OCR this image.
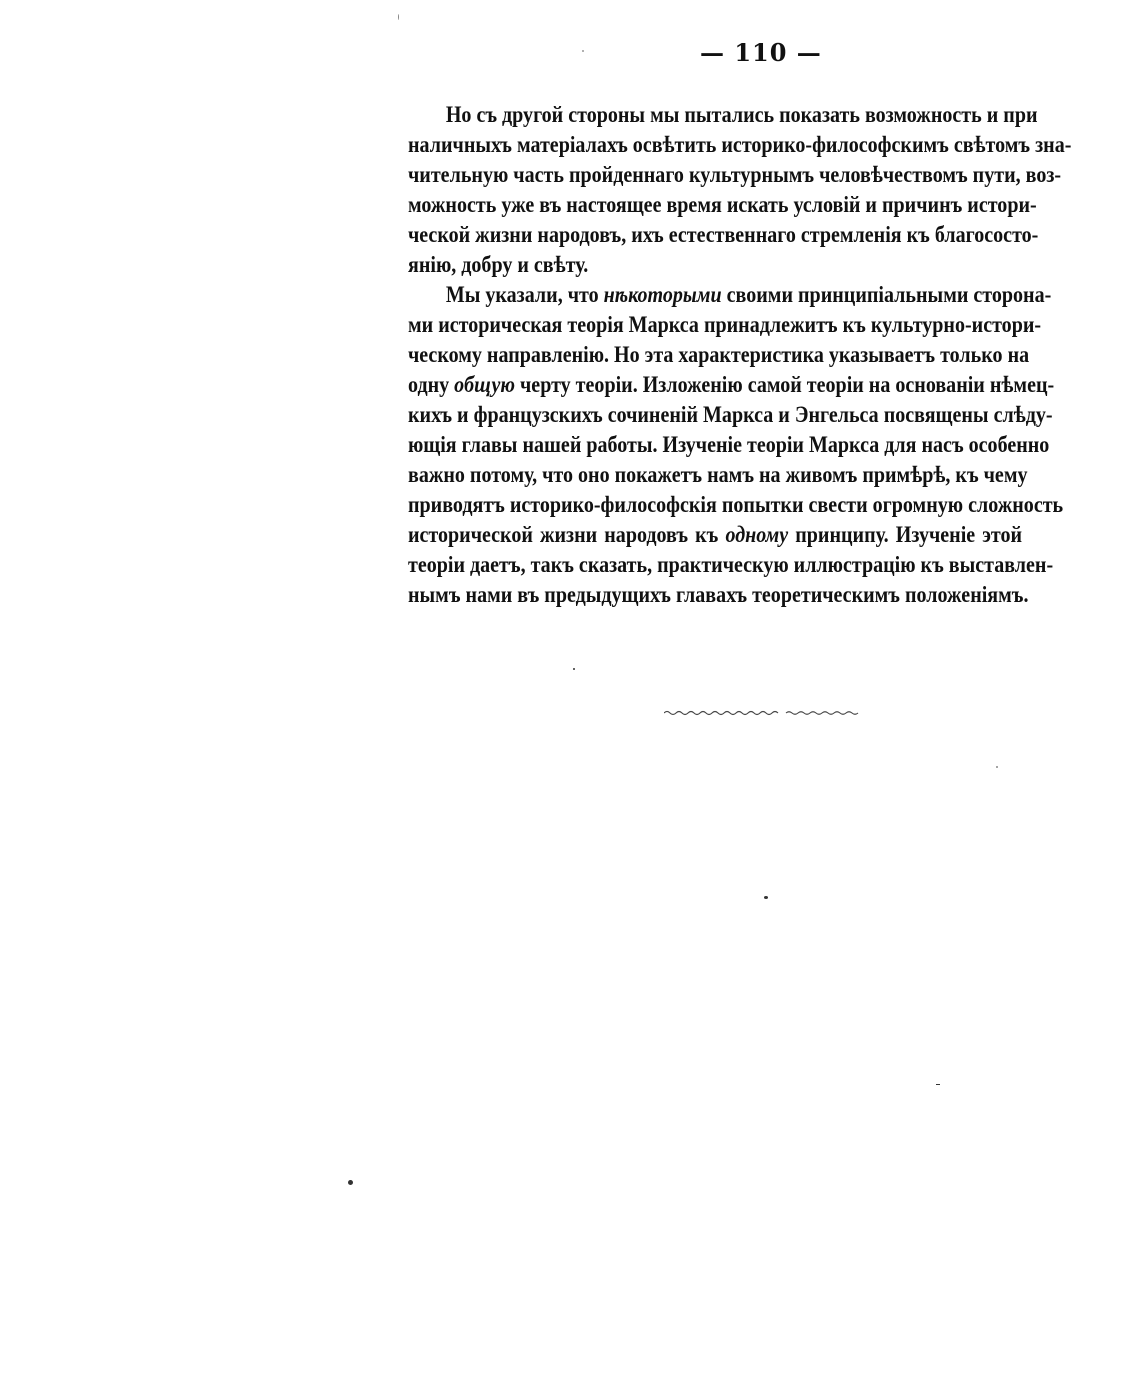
— 110 —
Но съ другой стороны мы пытались показать возможность и при
наличныхъ матеріалахъ освѣтить историко-философскимъ свѣтомъ зна-
чительную часть пройденнаго культурнымъ человѣчествомъ пути, воз-
можность уже въ настоящее время искать условій и причинъ истори-
ческой жизни народовъ, ихъ естественнаго стремленія къ благососто-
янію, добру и свѣту.
Мы указали, что нѣкоторыми своими принципіальными сторона-
ми историческая теорія Маркса принадлежитъ къ культурно-истори-
ческому направленію. Но эта характеристика указываетъ только на
одну общую черту теоріи. Изложенію самой теоріи на основаніи нѣмец-
кихъ и французскихъ сочиненій Маркса и Энгельса посвящены слѣду-
ющія главы нашей работы. Изученіе теоріи Маркса для насъ особенно
важно потому, что оно покажетъ намъ на живомъ примѣрѣ, къ чему
приводятъ историко-философскія попытки свести огромную сложность
исторической жизни народовъ къ одному принципу. Изученіе этой
теоріи даетъ, такъ сказать, практическую иллюстрацію къ выставлен-
нымъ нами въ предыдущихъ главахъ теоретическимъ положеніямъ.
